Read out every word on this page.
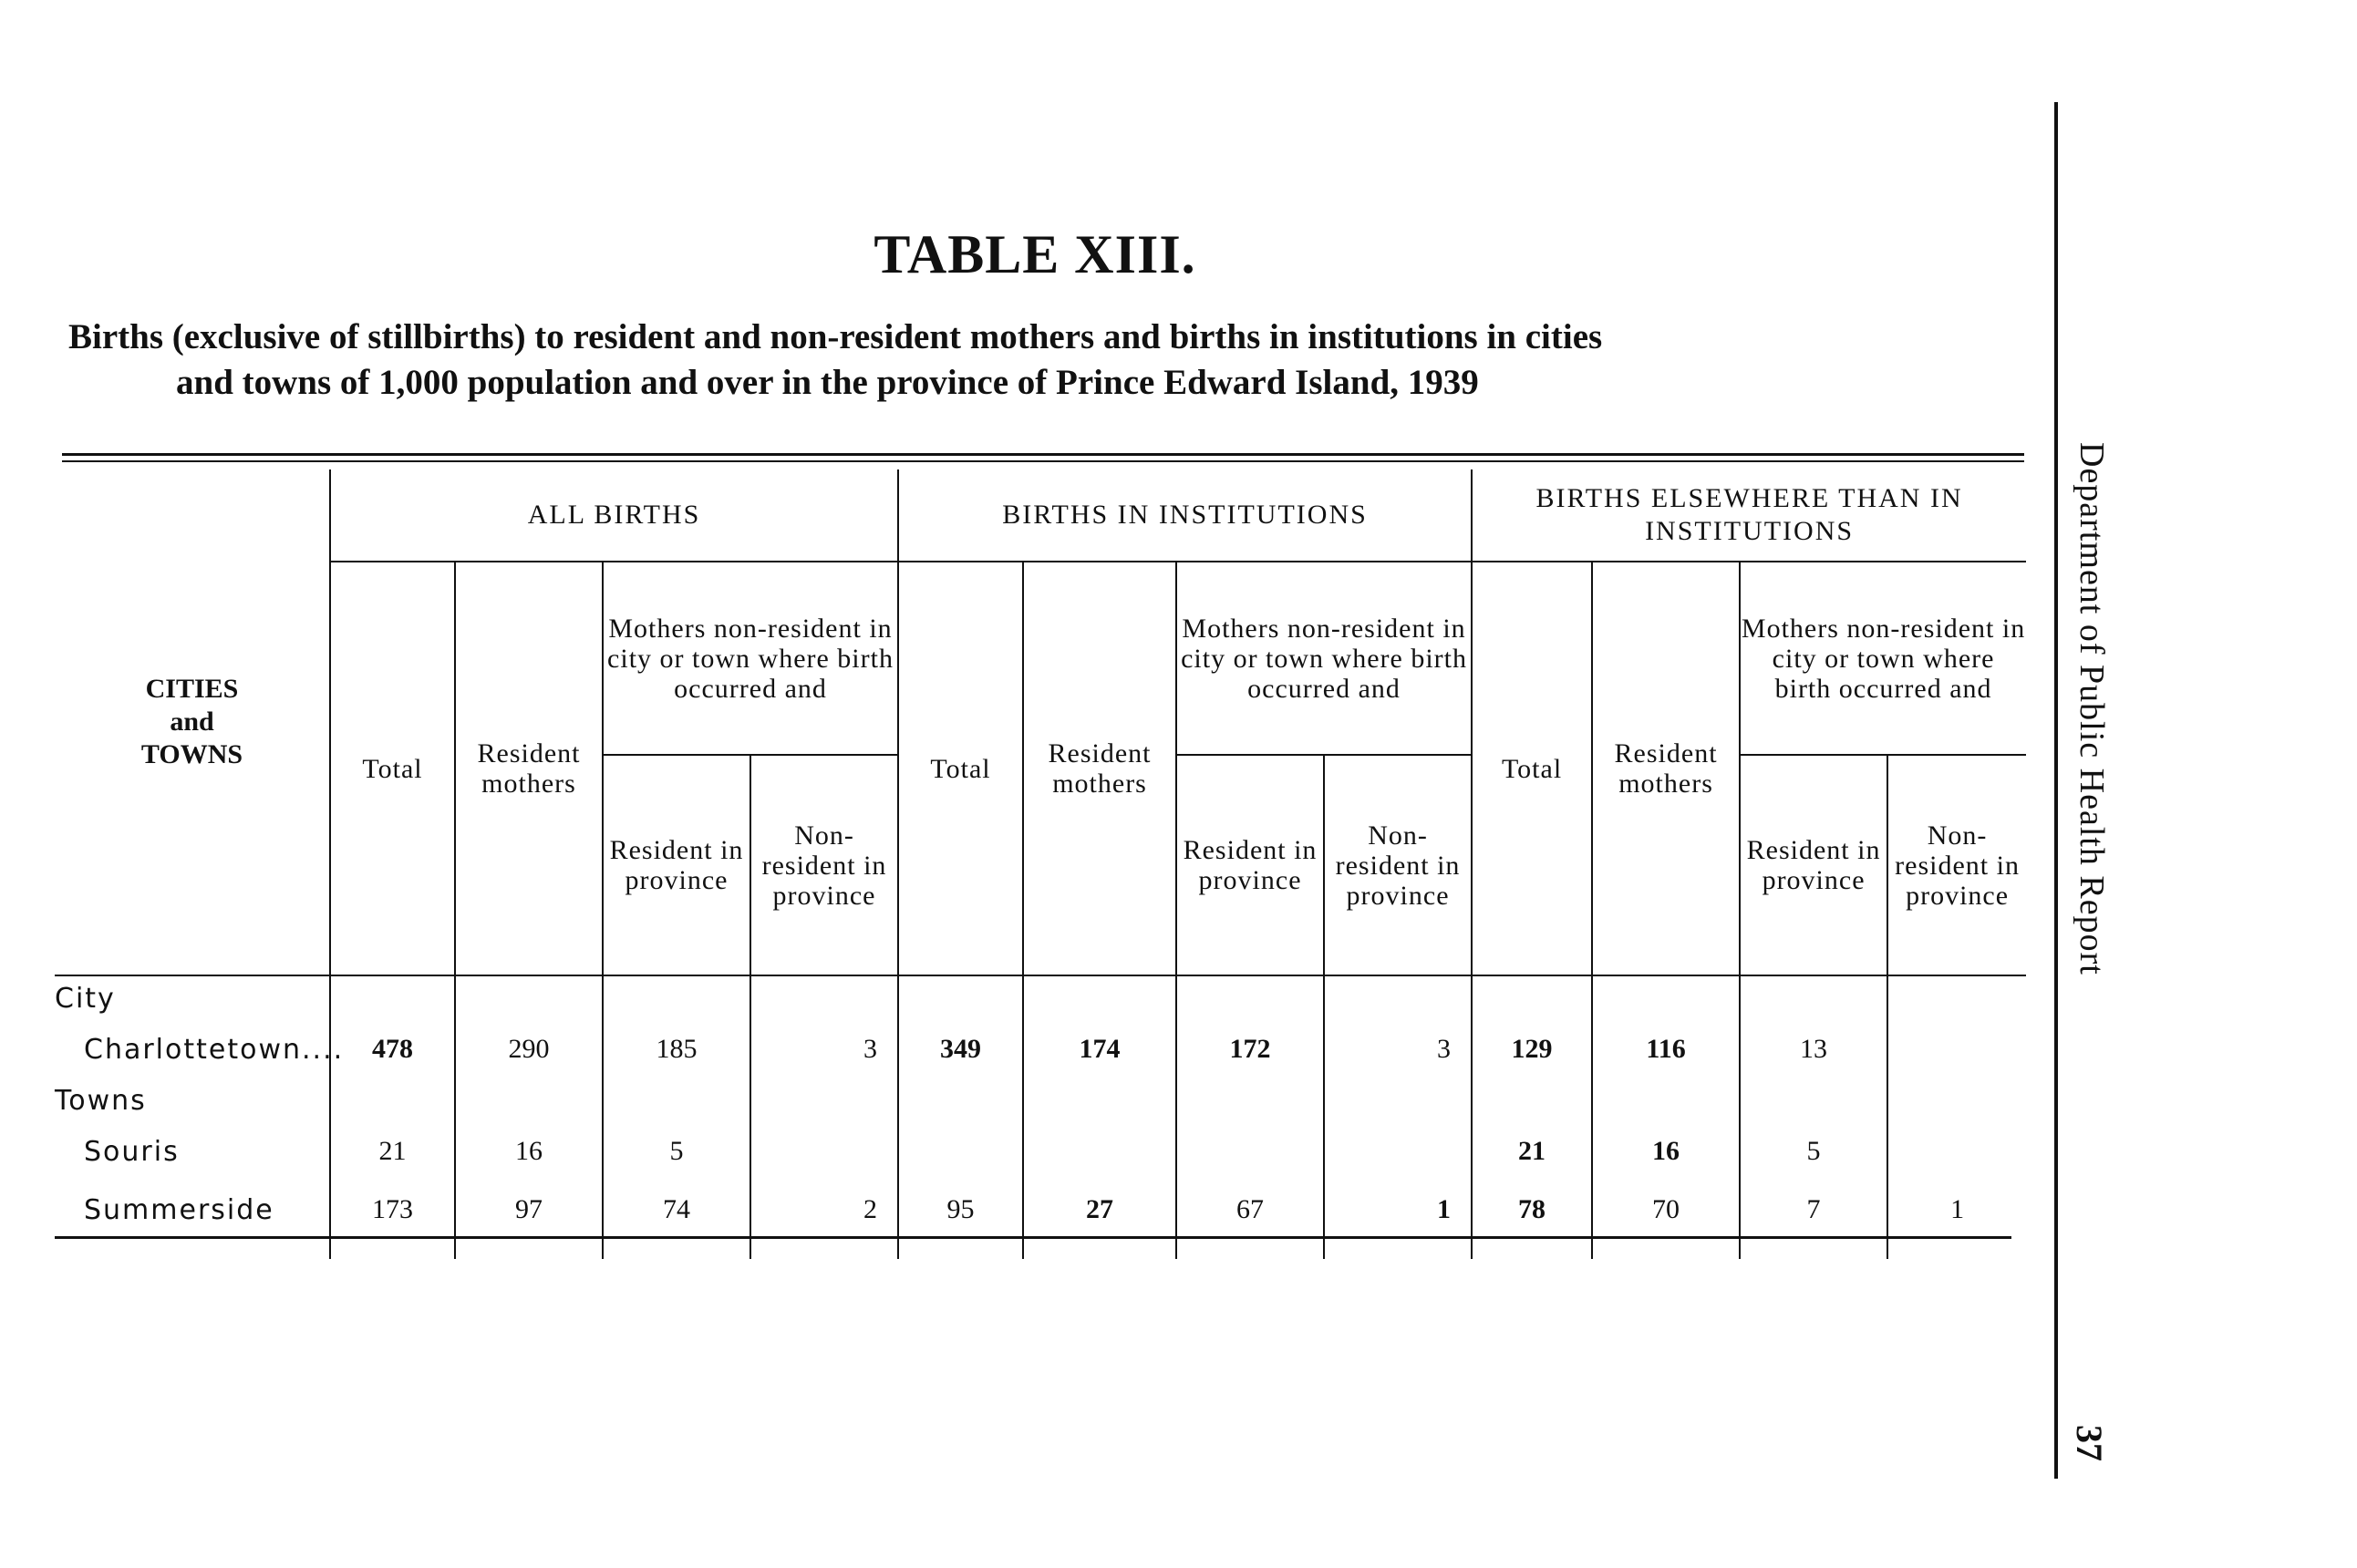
TABLE XIII.
Births (exclusive of stillbirths) to resident and non-resident mothers and births in institutions in cities
and towns of 1,000 population and over in the province of Prince Edward Island, 1939
CITIES
and
TOWNS	ALL BIRTHS				BIRTHS IN INSTITUTIONS				BIRTHS ELSEWHERE THAN IN INSTITUTIONS			
	Total	Resident mothers	Mothers non-resident in city or town where birth occurred and		Total	Resident mothers	Mothers non-resident in city or town where birth occurred and		Total	Resident mothers	Mothers non-resident in city or town where birth occurred and	
			Resident in province	Non-resident in province			Resident in province	Non-resident in province			Resident in province	Non-resident in province
City												
Charlottetown....	478	290	185	3	349	174	172	3	129	116	13	
Towns												
Souris	21	16	5						21	16	5	
Summerside	173	97	74	2	95	27	67	1	78	70	7	1

Department of Public Health Report
37
